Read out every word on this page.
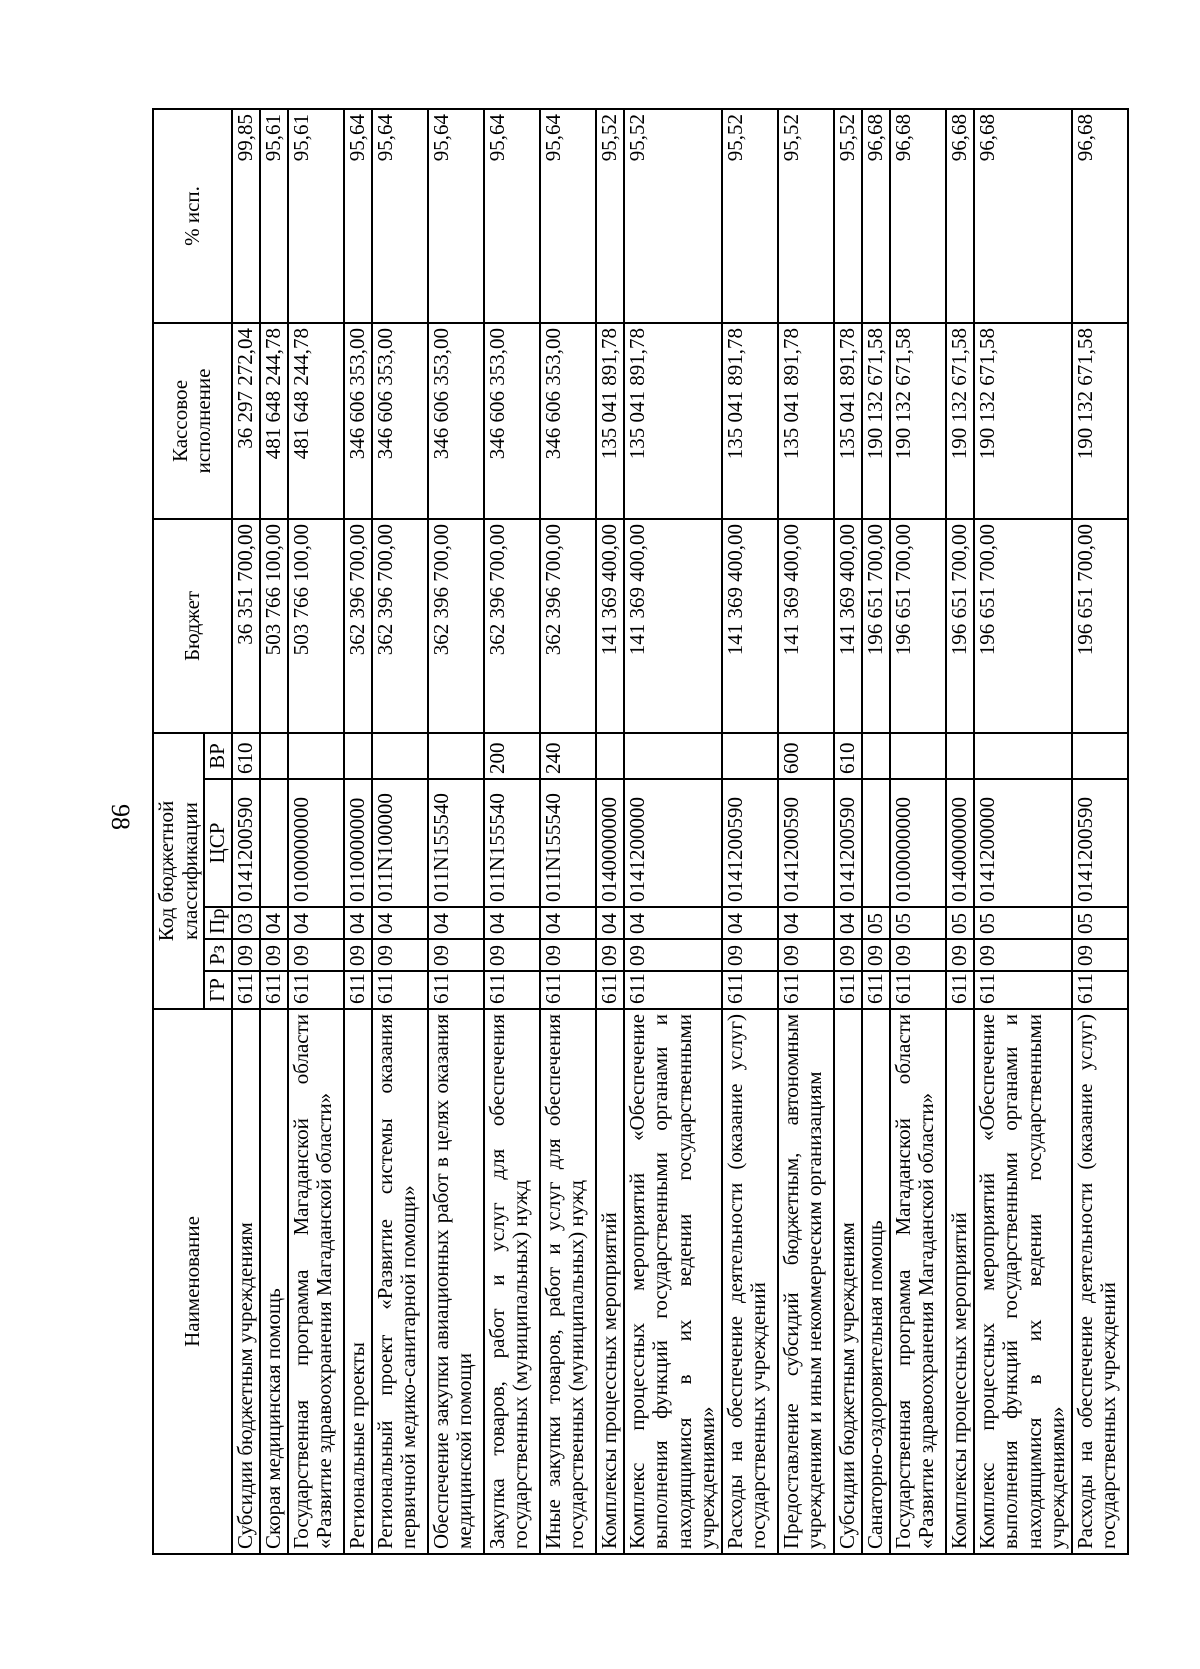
98
Наименование	Код бюджетной классификации					Бюджет	Кассовое исполнение	% исп.
	ГР	Рз	Пр	ЦСР	ВР			
Субсидии бюджетным учреждениям	611	09	03	0141200590	610	36 351 700,00	36 297 272,04	99,85
Скорая медицинская помощь	611	09	04			503 766 100,00	481 648 244,78	95,61
Государственная программа Магаданской области «Развитие здравоохранения Магаданской области»	611	09	04	0100000000		503 766 100,00	481 648 244,78	95,61
Региональные проекты	611	09	04	0110000000		362 396 700,00	346 606 353,00	95,64
Региональный проект «Развитие системы оказания первичной медико-санитарной помощи»	611	09	04	011N100000		362 396 700,00	346 606 353,00	95,64
Обеспечение закупки авиационных работ в целях оказания медицинской помощи	611	09	04	011N155540		362 396 700,00	346 606 353,00	95,64
Закупка товаров, работ и услуг для обеспечения государственных (муниципальных) нужд	611	09	04	011N155540	200	362 396 700,00	346 606 353,00	95,64
Иные закупки товаров, работ и услуг для обеспечения государственных (муниципальных) нужд	611	09	04	011N155540	240	362 396 700,00	346 606 353,00	95,64
Комплексы процессных мероприятий	611	09	04	0140000000		141 369 400,00	135 041 891,78	95,52
Комплекс процессных мероприятий «Обеспечение выполнения функций государственными органами и находящимися в их ведении государственными учреждениями»	611	09	04	0141200000		141 369 400,00	135 041 891,78	95,52
Расходы на обеспечение деятельности (оказание услуг) государственных учреждений	611	09	04	0141200590		141 369 400,00	135 041 891,78	95,52
Предоставление субсидий бюджетным, автономным учреждениям и иным некоммерческим организациям	611	09	04	0141200590	600	141 369 400,00	135 041 891,78	95,52
Субсидии бюджетным учреждениям	611	09	04	0141200590	610	141 369 400,00	135 041 891,78	95,52
Санаторно-оздоровительная помощь	611	09	05			196 651 700,00	190 132 671,58	96,68
Государственная программа Магаданской области «Развитие здравоохранения Магаданской области»	611	09	05	0100000000		196 651 700,00	190 132 671,58	96,68
Комплексы процессных мероприятий	611	09	05	0140000000		196 651 700,00	190 132 671,58	96,68
Комплекс процессных мероприятий «Обеспечение выполнения функций государственными органами и находящимися в их ведении государственными учреждениями»	611	09	05	0141200000		196 651 700,00	190 132 671,58	96,68
Расходы на обеспечение деятельности (оказание услуг) государственных учреждений	611	09	05	0141200590		196 651 700,00	190 132 671,58	96,68
